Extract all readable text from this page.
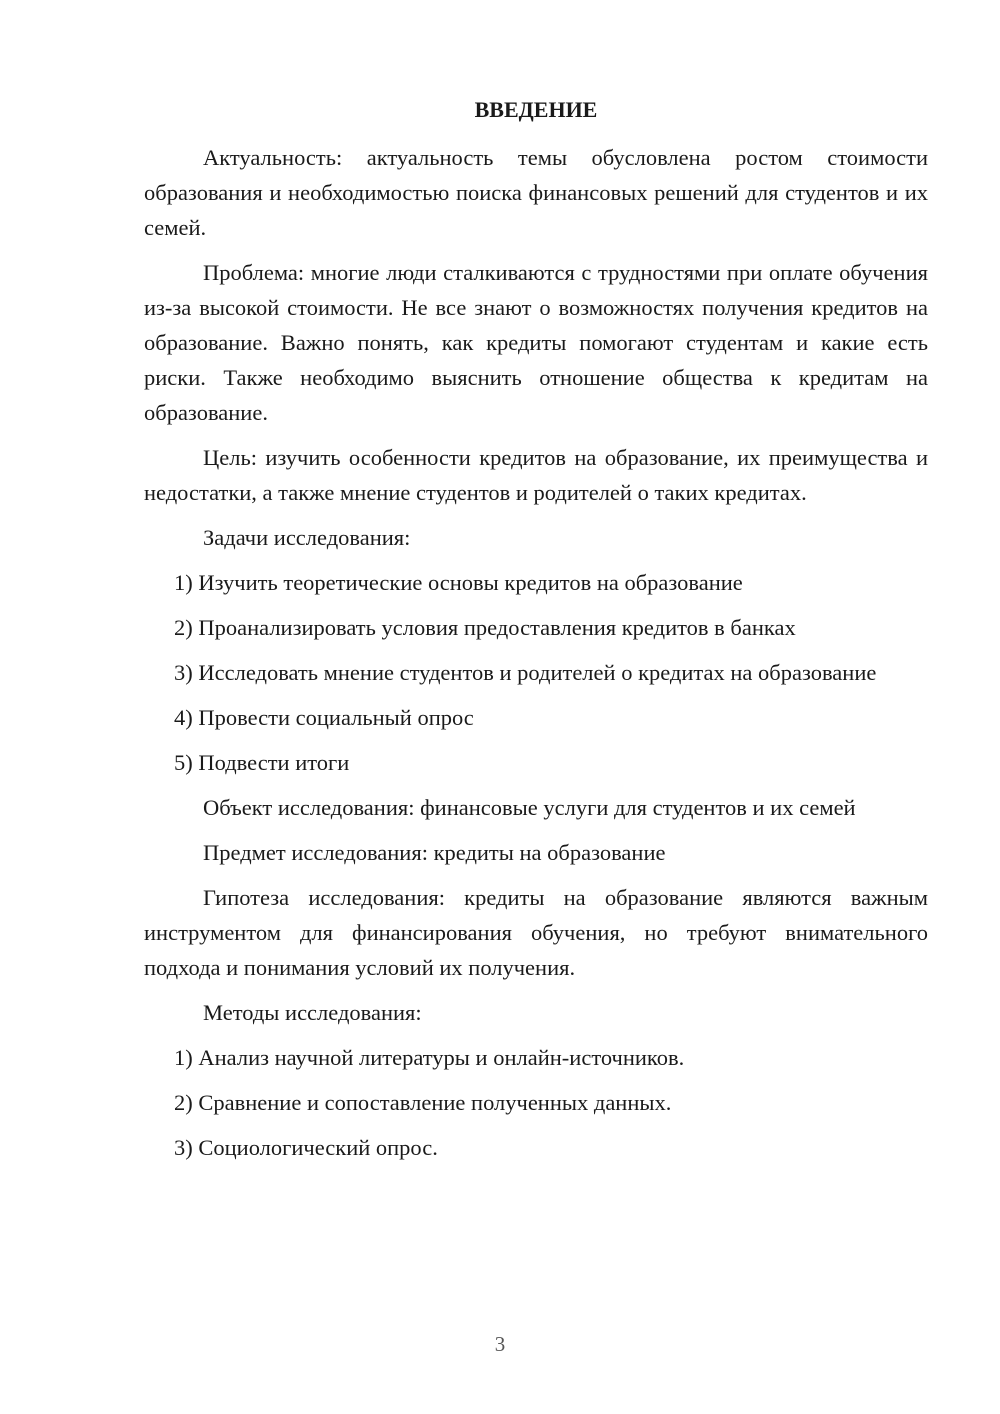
ВВЕДЕНИЕ

Актуальность: актуальность темы обусловлена ростом стоимости образования и необходимостью поиска финансовых решений для студентов и их семей.

Проблема: многие люди сталкиваются с трудностями при оплате обучения из-за высокой стоимости. Не все знают о возможностях получения кредитов на образование. Важно понять, как кредиты помогают студентам и какие есть риски. Также необходимо выяснить отношение общества к кредитам на образование.

Цель: изучить особенности кредитов на образование, их преимущества и недостатки, а также мнение студентов и родителей о таких кредитах.

Задачи исследования:

1) Изучить теоретические основы кредитов на образование

2) Проанализировать условия предоставления кредитов в банках

3) Исследовать мнение студентов и родителей о кредитах на образование

4) Провести социальный опрос

5) Подвести итоги

Объект исследования: финансовые услуги для студентов и их семей

Предмет исследования: кредиты на образование

Гипотеза исследования: кредиты на образование являются важным инструментом для финансирования обучения, но требуют внимательного подхода и понимания условий их получения.

Методы исследования:

1) Анализ научной литературы и онлайн-источников.

2) Сравнение и сопоставление полученных данных.

3) Социологический опрос.

3
